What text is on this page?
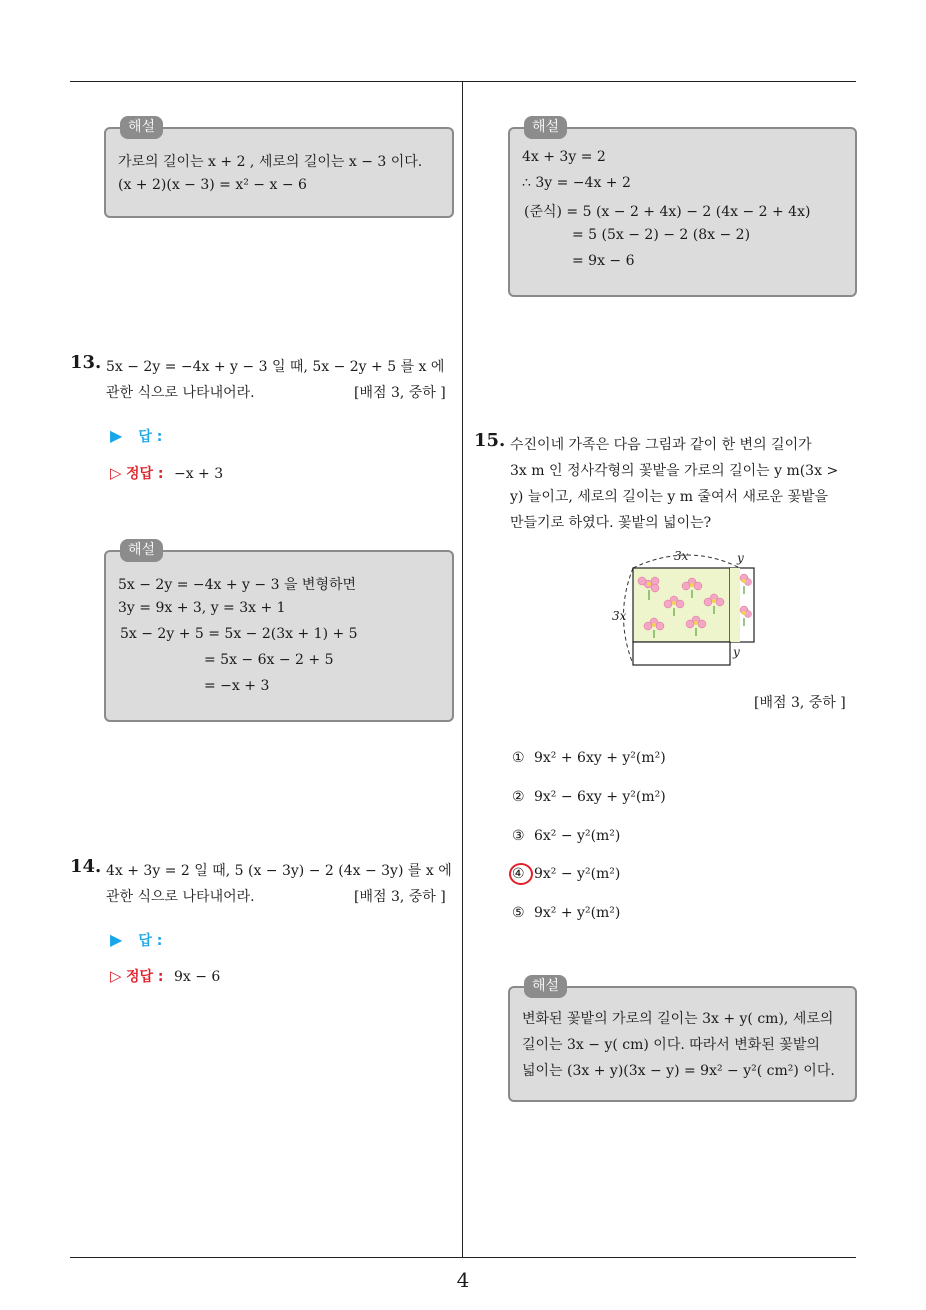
해설
가로의 길이는 x + 2 , 세로의 길이는 x − 3 이다.
(x + 2)(x − 3) = x² − x − 6
13. 5x − 2y = −4x + y − 3 일 때, 5x − 2y + 5 를 x 에
관한 식으로 나타내어라.	[배점 3, 중하 ]
▶ 답 :
▷ 정답 : −x + 3
해설
5x − 2y = −4x + y − 3 을 변형하면
3y = 9x + 3, y = 3x + 1
5x − 2y + 5 = 5x − 2(3x + 1) + 5
= 5x − 6x − 2 + 5
= −x + 3
14. 4x + 3y = 2 일 때, 5 (x − 3y) − 2 (4x − 3y) 를 x 에
관한 식으로 나타내어라.	[배점 3, 중하 ]
▶ 답 :
▷ 정답 : 9x − 6
해설
4x + 3y = 2
∴ 3y = −4x + 2
(준식) = 5 (x − 2 + 4x) − 2 (4x − 2 + 4x)
= 5 (5x − 2) − 2 (8x − 2)
= 9x − 6
15. 수진이네 가족은 다음 그림과 같이 한 변의 길이가
3x m 인 정사각형의 꽃밭을 가로의 길이는 y m(3x >
y) 늘이고, 세로의 길이는 y m 줄여서 새로운 꽃밭을
만들기로 하였다. 꽃밭의 넓이는?
3x
3x
y
y
[배점 3, 중하 ]
① 9x² + 6xy + y²(m²)
② 9x² − 6xy + y²(m²)
③ 6x² − y²(m²)
④ 9x² − y²(m²)
⑤ 9x² + y²(m²)
해설
변화된 꽃밭의 가로의 길이는 3x + y( cm), 세로의
길이는 3x − y( cm) 이다. 따라서 변화된 꽃밭의
넓이는 (3x + y)(3x − y) = 9x² − y²( cm²) 이다.
4
